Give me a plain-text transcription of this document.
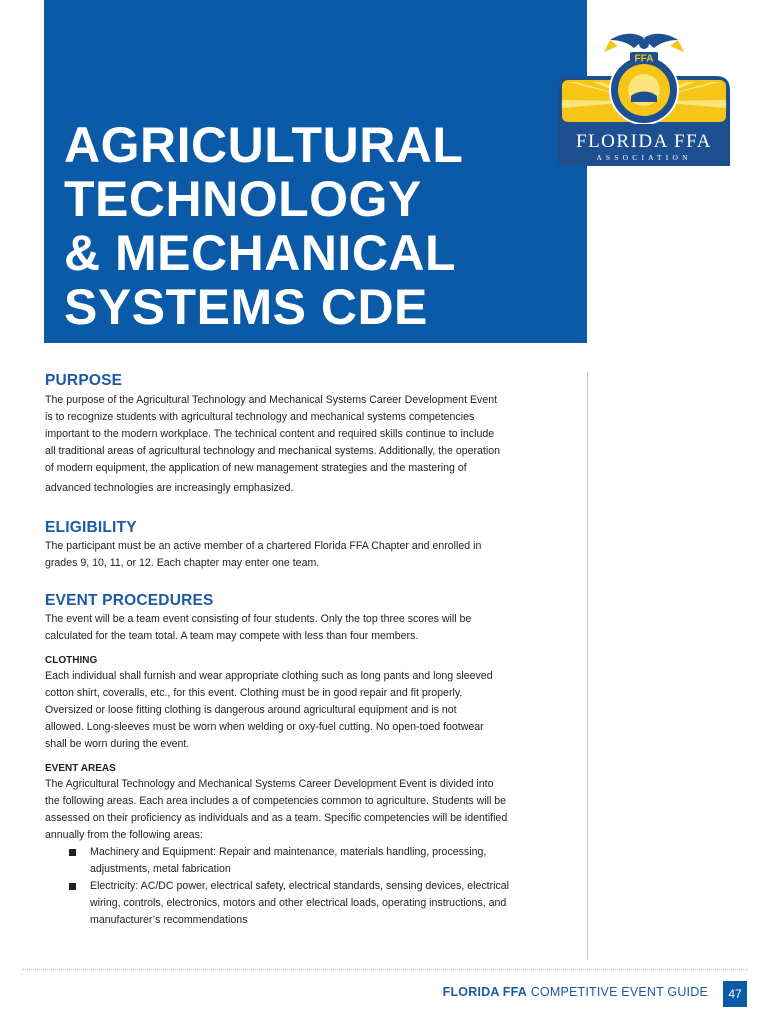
AGRICULTURAL
TECHNOLOGY
& MECHANICAL
SYSTEMS CDE
FFA
FLORIDA FFA
ASSOCIATION
PURPOSE

The purpose of the Agricultural Technology and Mechanical Systems Career Development Event

is to recognize students with agricultural technology and mechanical systems competencies

important to the modern workplace. The technical content and required skills continue to include

all traditional areas of agricultural technology and mechanical systems. Additionally, the operation

of modern equipment, the application of new management strategies and the mastering of

advanced technologies are increasingly emphasized.

ELIGIBILITY

The participant must be an active member of a chartered Florida FFA Chapter and enrolled in

grades 9, 10, 11, or 12. Each chapter may enter one team.

EVENT PROCEDURES

The event will be a team event consisting of four students. Only the top three scores will be

calculated for the team total. A team may compete with less than four members.

CLOTHING

Each individual shall furnish and wear appropriate clothing such as long pants and long sleeved

cotton shirt, coveralls, etc., for this event. Clothing must be in good repair and fit properly.

Oversized or loose fitting clothing is dangerous around agricultural equipment and is not

allowed. Long-sleeves must be worn when welding or oxy-fuel cutting. No open-toed footwear

shall be worn during the event.

EVENT AREAS

The Agricultural Technology and Mechanical Systems Career Development Event is divided into

the following areas. Each area includes a of competencies common to agriculture. Students will be

assessed on their proficiency as individuals and as a team. Specific competencies will be identified

annually from the following areas:

Machinery and Equipment: Repair and maintenance, materials handling, processing,
adjustments, metal fabrication
Electricity: AC/DC power, electrical safety, electrical standards, sensing devices, electrical
wiring, controls, electronics, motors and other electrical loads, operating instructions, and
manufacturer’s recommendations
FLORIDA FFA COMPETITIVE EVENT GUIDE	47
